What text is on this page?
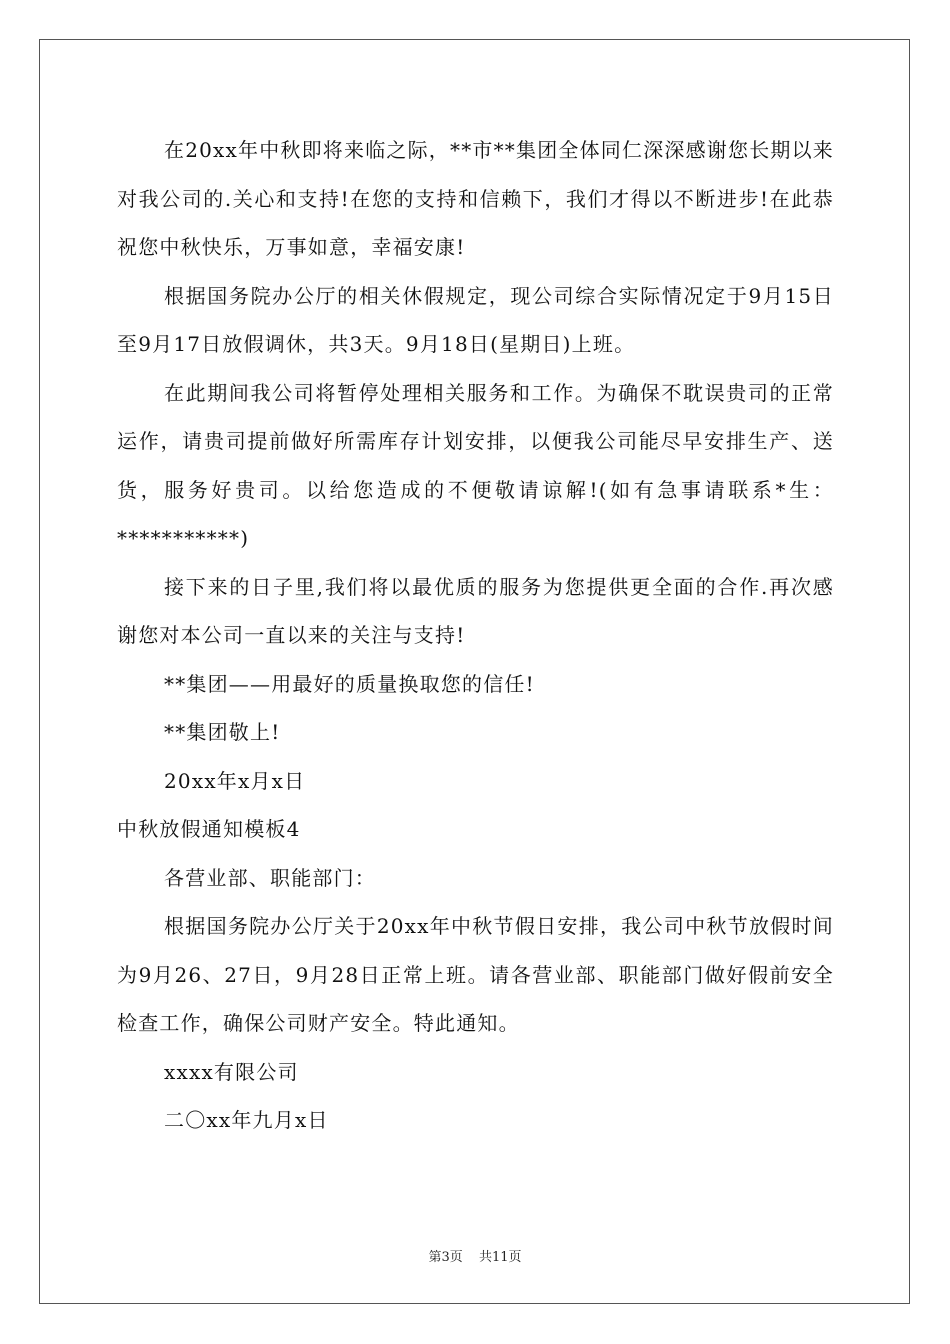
在20xx年中秋即将来临之际，**市**集团全体同仁深深感谢您长期以来对我公司的.关心和支持!在您的支持和信赖下，我们才得以不断进步!在此恭祝您中秋快乐，万事如意，幸福安康!

根据国务院办公厅的相关休假规定，现公司综合实际情况定于9月15日至9月17日放假调休，共3天。9月18日(星期日)上班。

在此期间我公司将暂停处理相关服务和工作。为确保不耽误贵司的正常运作，请贵司提前做好所需库存计划安排，以便我公司能尽早安排生产、送货，服务好贵司。以给您造成的不便敬请谅解!(如有急事请联系*生：***********)

接下来的日子里,我们将以最优质的服务为您提供更全面的合作.再次感谢您对本公司一直以来的关注与支持!

**集团——用最好的质量换取您的信任!

**集团敬上!

20xx年x月x日

中秋放假通知模板4

各营业部、职能部门：

根据国务院办公厅关于20xx年中秋节假日安排，我公司中秋节放假时间为9月26、27日，9月28日正常上班。请各营业部、职能部门做好假前安全检查工作，确保公司财产安全。特此通知。

xxxx有限公司

二〇xx年九月x日

第3页 共11页
